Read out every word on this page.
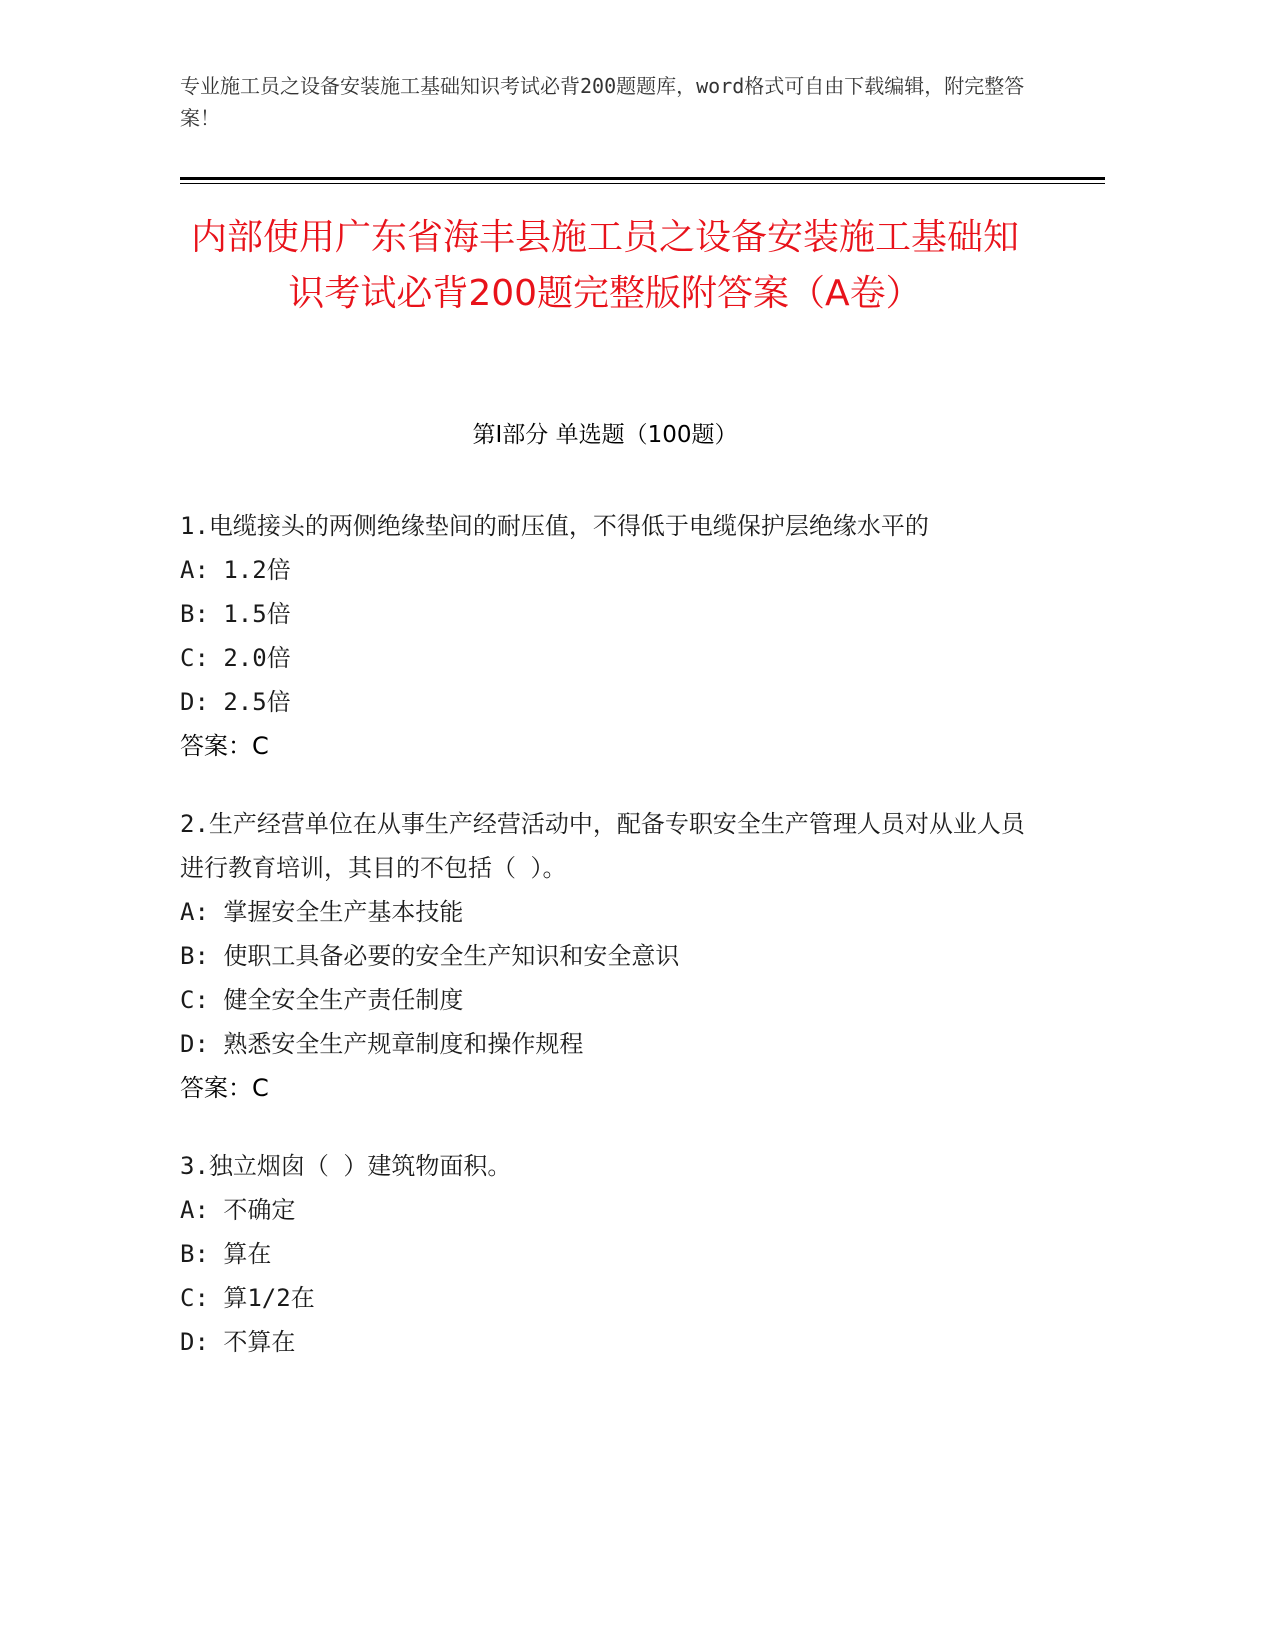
专业施工员之设备安装施工基础知识考试必背200题题库，word格式可自由下载编辑，附完整答案！
内部使用广东省海丰县施工员之设备安装施工基础知识考试必背200题完整版附答案（A卷）
第I部分 单选题（100题）
1.电缆接头的两侧绝缘垫间的耐压值，不得低于电缆保护层绝缘水平的
A: 1.2倍
B: 1.5倍
C: 2.0倍
D: 2.5倍
答案：C
2.生产经营单位在从事生产经营活动中，配备专职安全生产管理人员对从业人员进行教育培训，其目的不包括（ ）。
A: 掌握安全生产基本技能
B: 使职工具备必要的安全生产知识和安全意识
C: 健全安全生产责任制度
D: 熟悉安全生产规章制度和操作规程
答案：C
3.独立烟囱（ ）建筑物面积。
A: 不确定
B: 算在
C: 算1/2在
D: 不算在
